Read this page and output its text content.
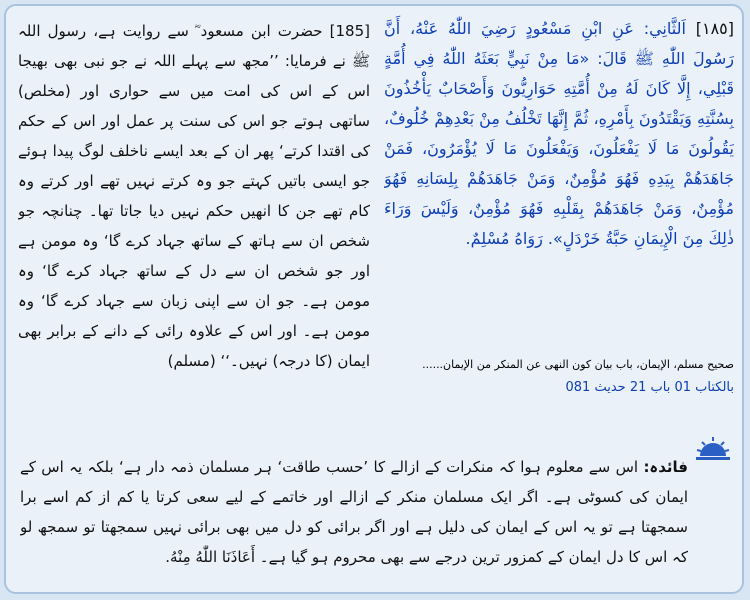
[١٨٥] اَلثَّانِي: عَنِ ابْنِ مَسْعُودٍ رَضِيَ اللّٰهُ عَنْهُ، أَنَّ رَسُولَ اللّٰهِ ﷺ قَالَ: «مَا مِنْ نَبِيٍّ بَعَثَهُ اللّٰهُ فِي أُمَّةٍ قَبْلِي، إِلَّا كَانَ لَهُ مِنْ أُمَّتِهِ حَوَارِيُّونَ وَأَصْحَابٌ يَأْخُذُونَ بِسُنَّتِهِ وَيَقْتَدُونَ بِأَمْرِهِ، ثُمَّ إِنَّهَا تَخْلُفُ مِنْ بَعْدِهِمْ خُلُوفٌ، يَقُولُونَ مَا لَا يَفْعَلُونَ، وَيَفْعَلُونَ مَا لَا يُؤْمَرُونَ، فَمَنْ جَاهَدَهُمْ بِيَدِهِ فَهُوَ مُؤْمِنٌ، وَمَنْ جَاهَدَهُمْ بِلِسَانِهِ فَهُوَ مُؤْمِنٌ، وَمَنْ جَاهَدَهُمْ بِقَلْبِهِ فَهُوَ مُؤْمِنٌ، وَلَيْسَ وَرَاءَ ذٰلِكَ مِنَ الْإِيمَانِ حَبَّةُ خَرْدَلٍ». رَوَاهُ مُسْلِمٌ.
صحیح مسلم، الإیمان، باب بیان کون النھی عن المنکر من الإیمان......
بالکتاب 01 باب 21 حدیث 081
[185] حضرت ابن مسعود ؓ سے روایت ہے، رسول اللہ ﷺ نے فرمایا: ’’مجھ سے پہلے اللہ نے جو نبی بھی بھیجا اس کے اس کی امت میں سے حواری اور (مخلص) ساتھی ہوتے جو اس کی سنت پر عمل اور اس کے حکم کی اقتدا کرتے‘ پھر ان کے بعد ایسے ناخلف لوگ پیدا ہوئے جو ایسی باتیں کہتے جو وہ کرتے نہیں تھے اور کرتے وہ کام تھے جن کا انھیں حکم نہیں دیا جاتا تھا۔ چنانچہ جو شخص ان سے ہاتھ کے ساتھ جہاد کرے گا‘ وہ مومن ہے اور جو شخص ان سے دل کے ساتھ جہاد کرے گا‘ وہ مومن ہے۔ جو ان سے اپنی زبان سے جہاد کرے گا‘ وہ مومن ہے۔ اور اس کے علاوہ رائی کے دانے کے برابر بھی ایمان (کا درجہ) نہیں۔‘‘ (مسلم)
فائدہ: اس سے معلوم ہوا کہ منکرات کے ازالے کا ’حسب طاقت‘ ہر مسلمان ذمہ دار ہے‘ بلکہ یہ اس کے ایمان کی کسوٹی ہے۔ اگر ایک مسلمان منکر کے ازالے اور خاتمے کے لیے سعی کرتا یا کم از کم اسے برا سمجھتا ہے تو یہ اس کے ایمان کی دلیل ہے اور اگر برائی کو دل میں بھی برائی نہیں سمجھتا تو سمجھ لو کہ اس کا دل ایمان کے کمزور ترین درجے سے بھی محروم ہو گیا ہے۔ أَعَاذَنَا اللّٰهُ مِنْهُ.
